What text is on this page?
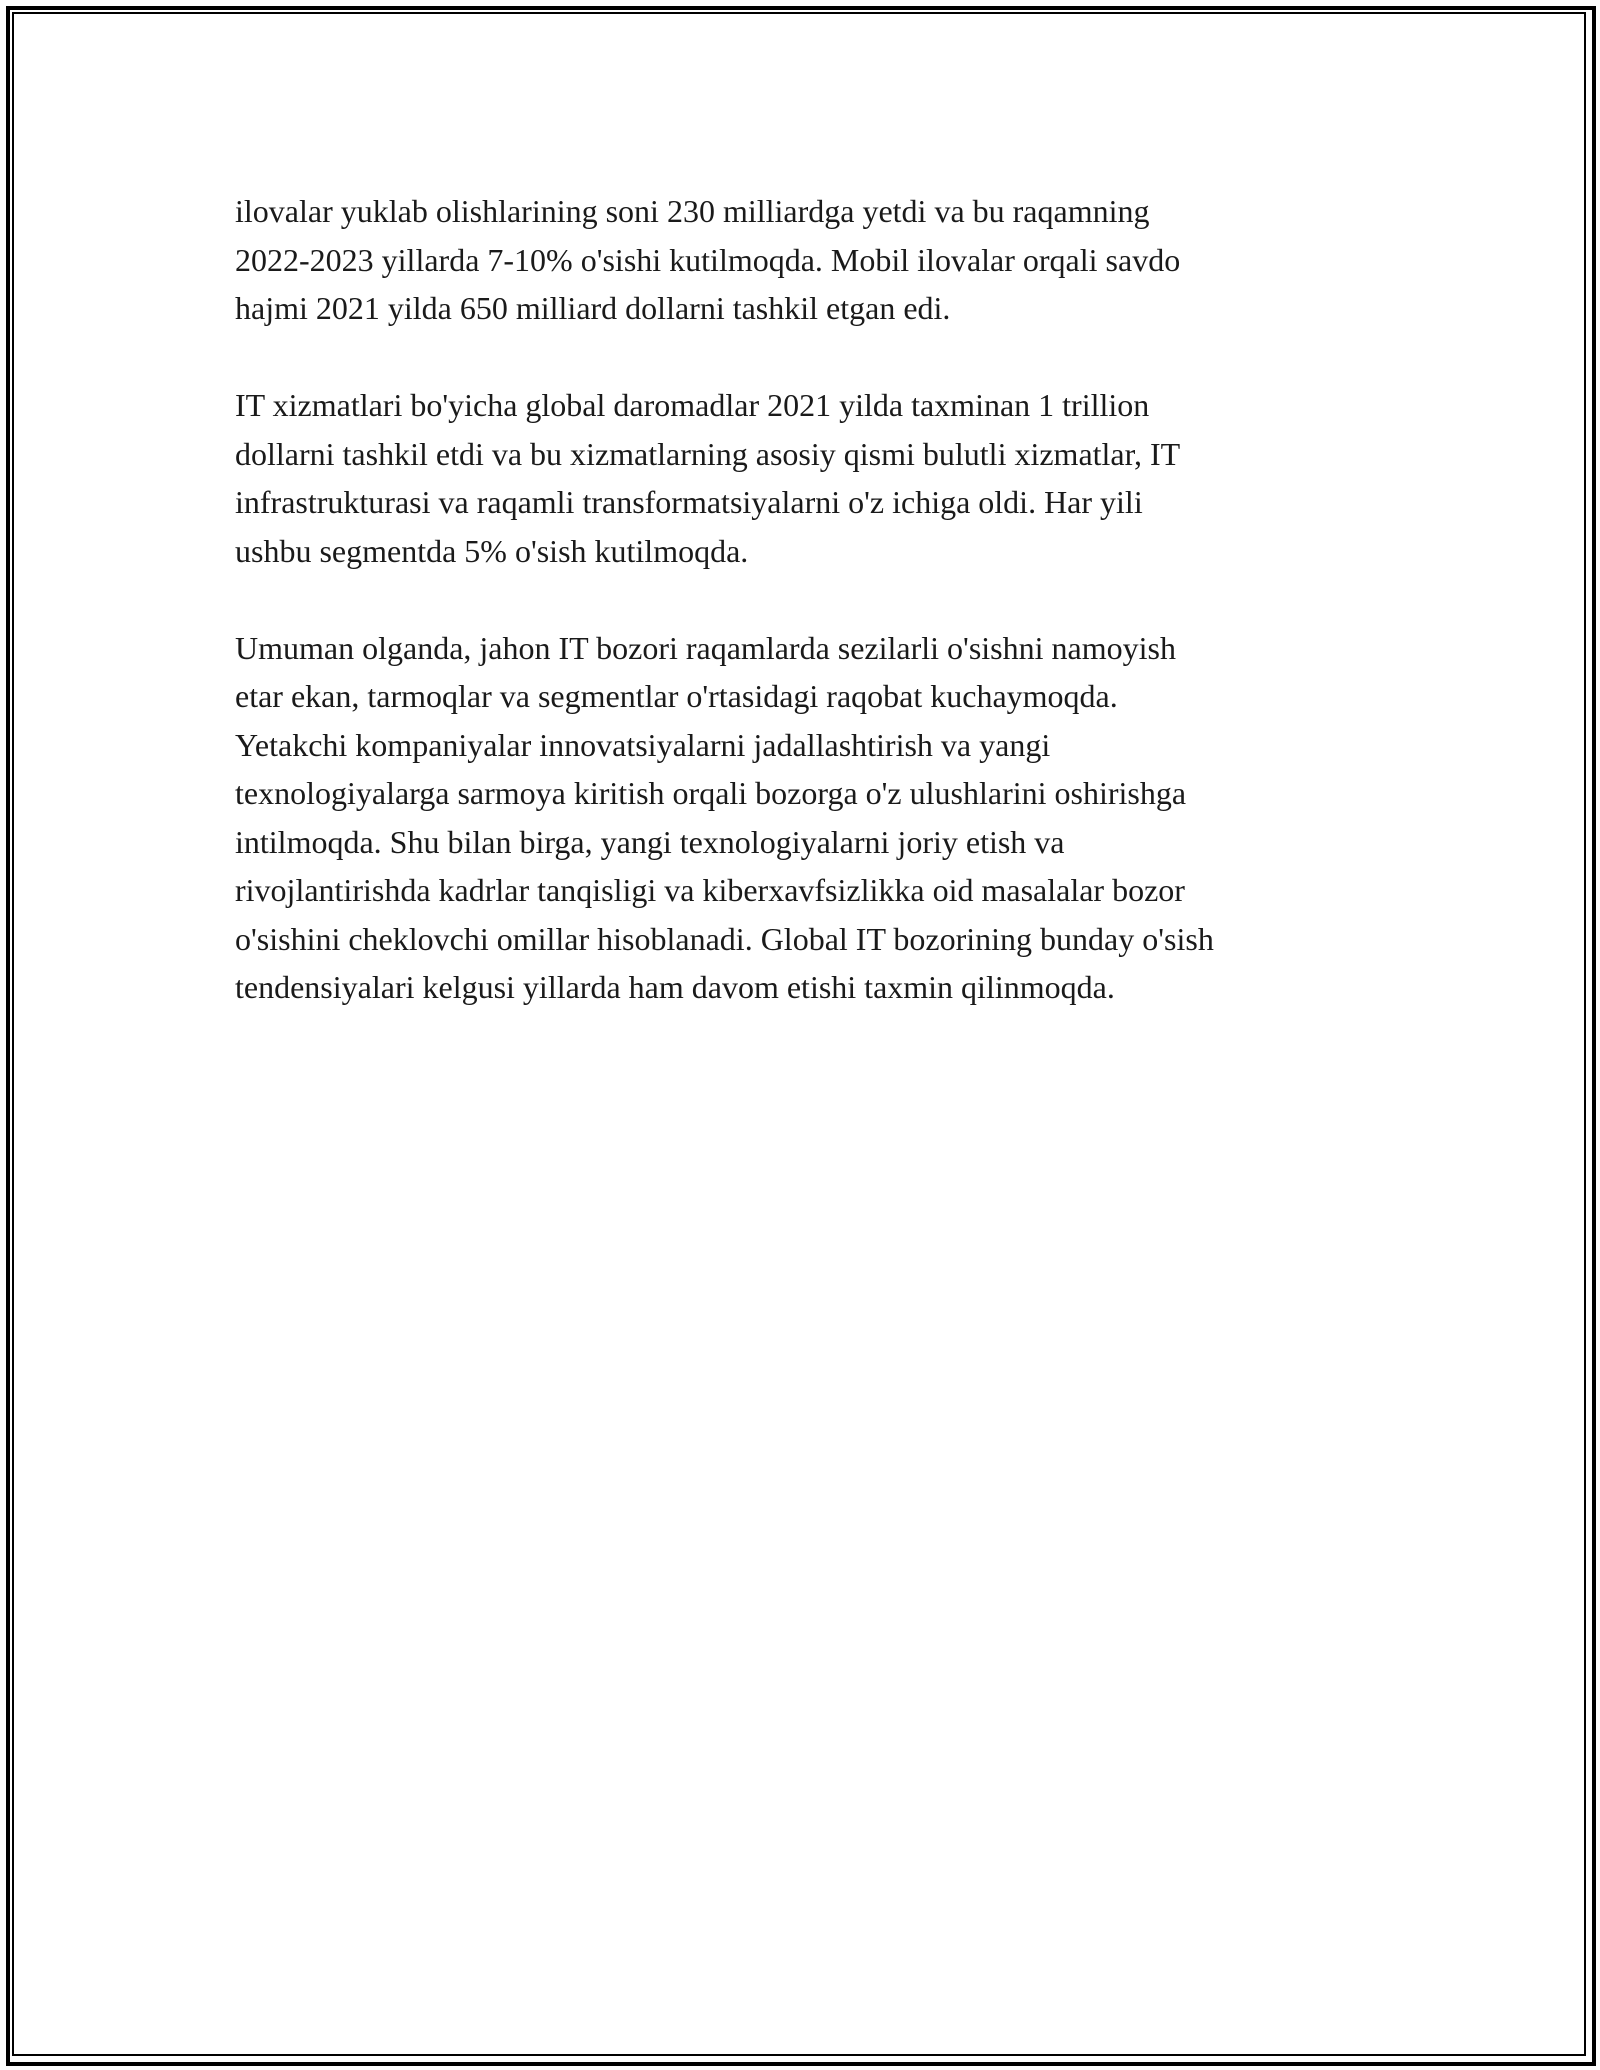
ilovalar yuklab olishlarining soni 230 milliardga yetdi va bu raqamning
2022-2023 yillarda 7-10% o'sishi kutilmoqda. Mobil ilovalar orqali savdo
hajmi 2021 yilda 650 milliard dollarni tashkil etgan edi.

IT xizmatlari bo'yicha global daromadlar 2021 yilda taxminan 1 trillion
dollarni tashkil etdi va bu xizmatlarning asosiy qismi bulutli xizmatlar, IT
infrastrukturasi va raqamli transformatsiyalarni o'z ichiga oldi. Har yili
ushbu segmentda 5% o'sish kutilmoqda.

Umuman olganda, jahon IT bozori raqamlarda sezilarli o'sishni namoyish
etar ekan, tarmoqlar va segmentlar o'rtasidagi raqobat kuchaymoqda.
Yetakchi kompaniyalar innovatsiyalarni jadallashtirish va yangi
texnologiyalarga sarmoya kiritish orqali bozorga o'z ulushlarini oshirishga
intilmoqda. Shu bilan birga, yangi texnologiyalarni joriy etish va
rivojlantirishda kadrlar tanqisligi va kiberxavfsizlikka oid masalalar bozor
o'sishini cheklovchi omillar hisoblanadi. Global IT bozorining bunday o'sish
tendensiyalari kelgusi yillarda ham davom etishi taxmin qilinmoqda.
